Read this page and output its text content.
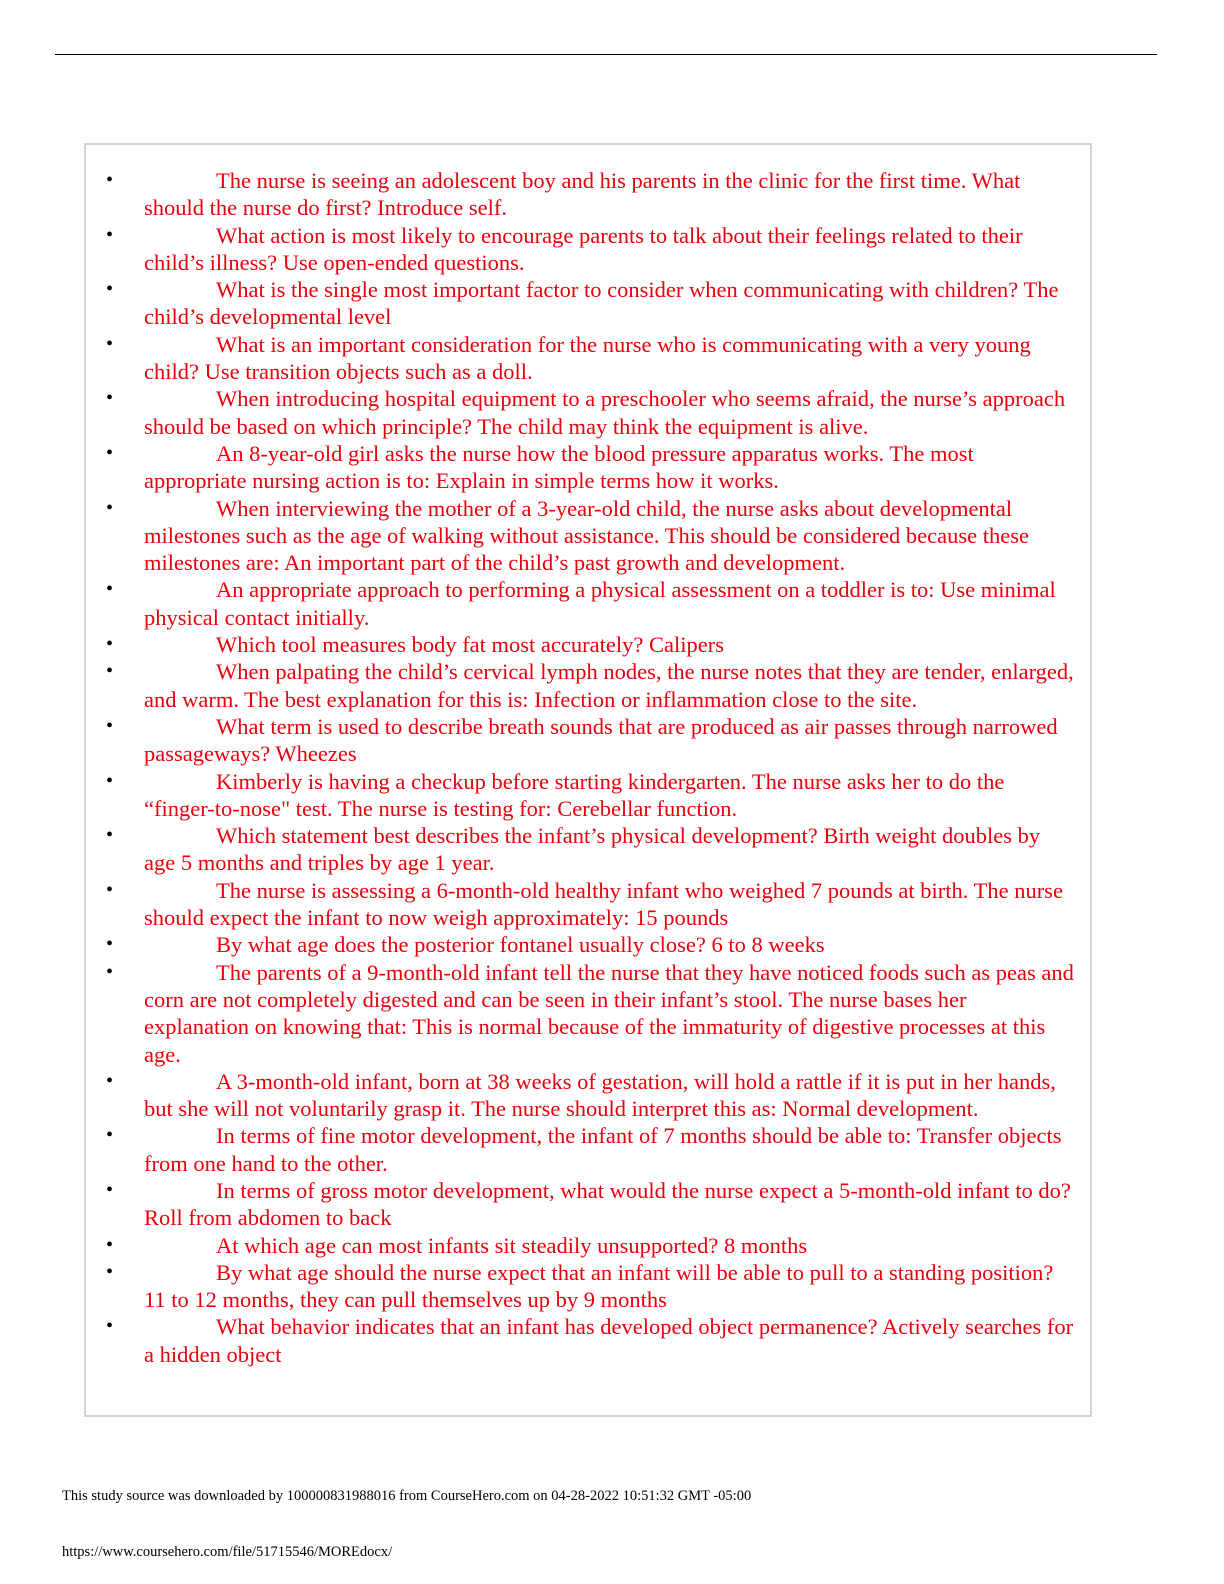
•	The nurse is seeing an adolescent boy and his parents in the clinic for the first time. What should the nurse do first? Introduce self.
•	What action is most likely to encourage parents to talk about their feelings related to their child’s illness? Use open-ended questions.
•	What is the single most important factor to consider when communicating with children? The child’s developmental level
•	What is an important consideration for the nurse who is communicating with a very young child? Use transition objects such as a doll.
•	When introducing hospital equipment to a preschooler who seems afraid, the nurse’s approach should be based on which principle? The child may think the equipment is alive.
•	An 8-year-old girl asks the nurse how the blood pressure apparatus works. The most appropriate nursing action is to: Explain in simple terms how it works.
•	When interviewing the mother of a 3-year-old child, the nurse asks about developmental milestones such as the age of walking without assistance. This should be considered because these milestones are: An important part of the child’s past growth and development.
•	An appropriate approach to performing a physical assessment on a toddler is to: Use minimal physical contact initially.
•	Which tool measures body fat most accurately? Calipers
•	When palpating the child’s cervical lymph nodes, the nurse notes that they are tender, enlarged, and warm. The best explanation for this is: Infection or inflammation close to the site.
•	What term is used to describe breath sounds that are produced as air passes through narrowed passageways? Wheezes
•	Kimberly is having a checkup before starting kindergarten. The nurse asks her to do the “finger-to-nose" test. The nurse is testing for: Cerebellar function.
•	Which statement best describes the infant’s physical development? Birth weight doubles by age 5 months and triples by age 1 year.
•	The nurse is assessing a 6-month-old healthy infant who weighed 7 pounds at birth. The nurse should expect the infant to now weigh approximately: 15 pounds
•	By what age does the posterior fontanel usually close? 6 to 8 weeks
•	The parents of a 9-month-old infant tell the nurse that they have noticed foods such as peas and corn are not completely digested and can be seen in their infant’s stool. The nurse bases her explanation on knowing that: This is normal because of the immaturity of digestive processes at this age.
•	A 3-month-old infant, born at 38 weeks of gestation, will hold a rattle if it is put in her hands, but she will not voluntarily grasp it. The nurse should interpret this as: Normal development.
•	In terms of fine motor development, the infant of 7 months should be able to: Transfer objects from one hand to the other.
•	In terms of gross motor development, what would the nurse expect a 5-month-old infant to do? Roll from abdomen to back
•	At which age can most infants sit steadily unsupported? 8 months
•	By what age should the nurse expect that an infant will be able to pull to a standing position? 11 to 12 months, they can pull themselves up by 9 months
•	What behavior indicates that an infant has developed object permanence? Actively searches for a hidden object
This study source was downloaded by 100000831988016 from CourseHero.com on 04-28-2022 10:51:32 GMT -05:00
https://www.coursehero.com/file/51715546/MOREdocx/
